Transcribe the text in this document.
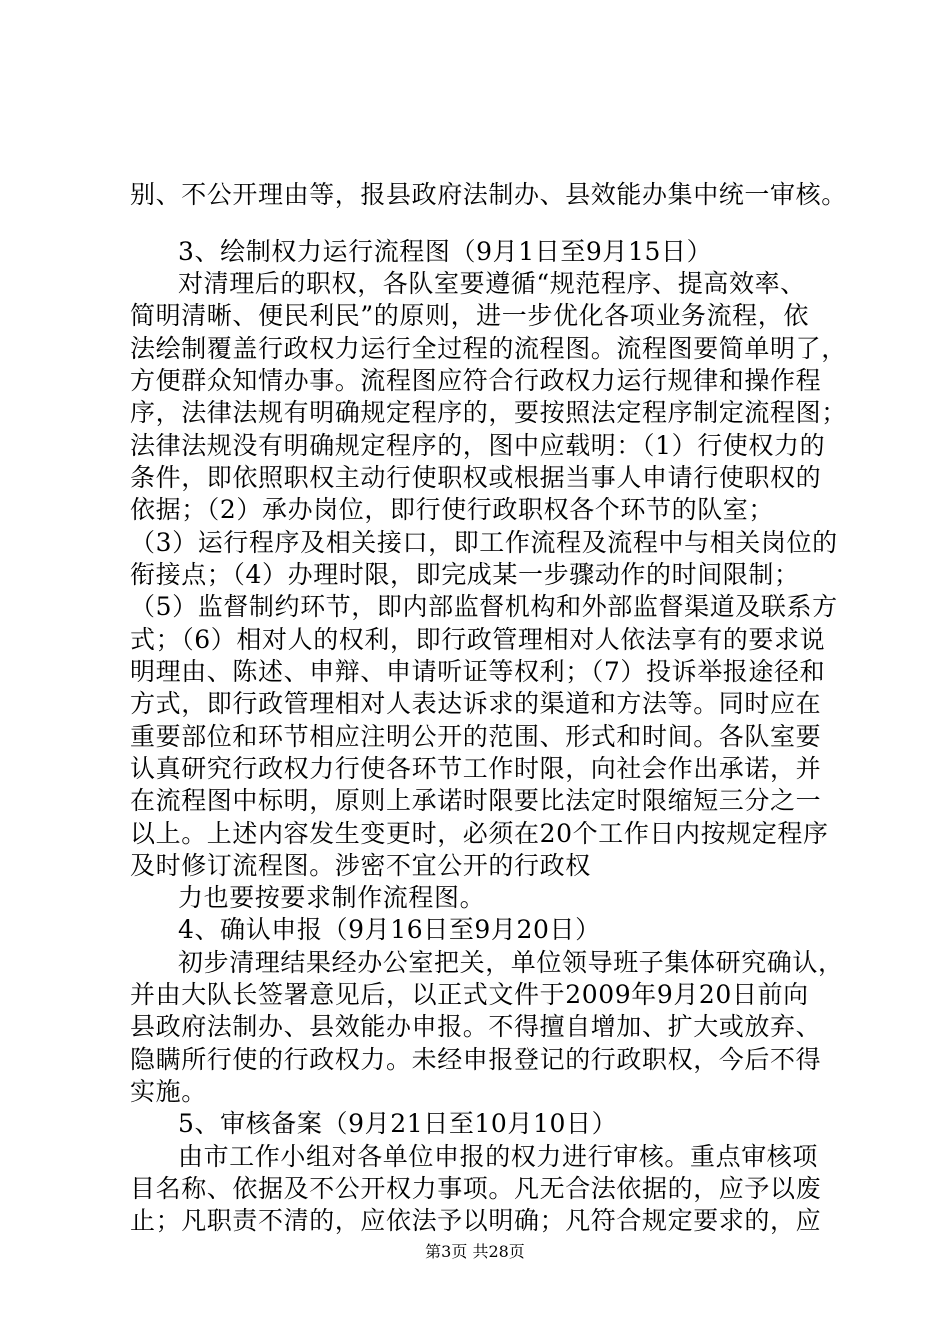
别、不公开理由等，报县政府法制办、县效能办集中统一审核。
3、绘制权力运行流程图（9月1日至9月15日）
对清理后的职权，各队室要遵循“规范程序、提高效率、
简明清晰、便民利民”的原则，进一步优化各项业务流程，依
法绘制覆盖行政权力运行全过程的流程图。流程图要简单明了，
方便群众知情办事。流程图应符合行政权力运行规律和操作程
序，法律法规有明确规定程序的，要按照法定程序制定流程图；
法律法规没有明确规定程序的，图中应载明：（1）行使权力的
条件，即依照职权主动行使职权或根据当事人申请行使职权的
依据；（2）承办岗位，即行使行政职权各个环节的队室；
（3）运行程序及相关接口，即工作流程及流程中与相关岗位的
衔接点；（4）办理时限，即完成某一步骤动作的时间限制；
（5）监督制约环节，即内部监督机构和外部监督渠道及联系方
式；（6）相对人的权利，即行政管理相对人依法享有的要求说
明理由、陈述、申辩、申请听证等权利；（7）投诉举报途径和
方式，即行政管理相对人表达诉求的渠道和方法等。同时应在
重要部位和环节相应注明公开的范围、形式和时间。各队室要
认真研究行政权力行使各环节工作时限，向社会作出承诺，并
在流程图中标明，原则上承诺时限要比法定时限缩短三分之一
以上。上述内容发生变更时，必须在20个工作日内按规定程序
及时修订流程图。涉密不宜公开的行政权
力也要按要求制作流程图。
4、确认申报（9月16日至9月20日）
初步清理结果经办公室把关，单位领导班子集体研究确认，
并由大队长签署意见后，以正式文件于2009年9月20日前向
县政府法制办、县效能办申报。不得擅自增加、扩大或放弃、
隐瞒所行使的行政权力。未经申报登记的行政职权，今后不得
实施。
5、审核备案（9月21日至10月10日）
由市工作小组对各单位申报的权力进行审核。重点审核项
目名称、依据及不公开权力事项。凡无合法依据的，应予以废
止；凡职责不清的，应依法予以明确；凡符合规定要求的，应
第3页 共28页
